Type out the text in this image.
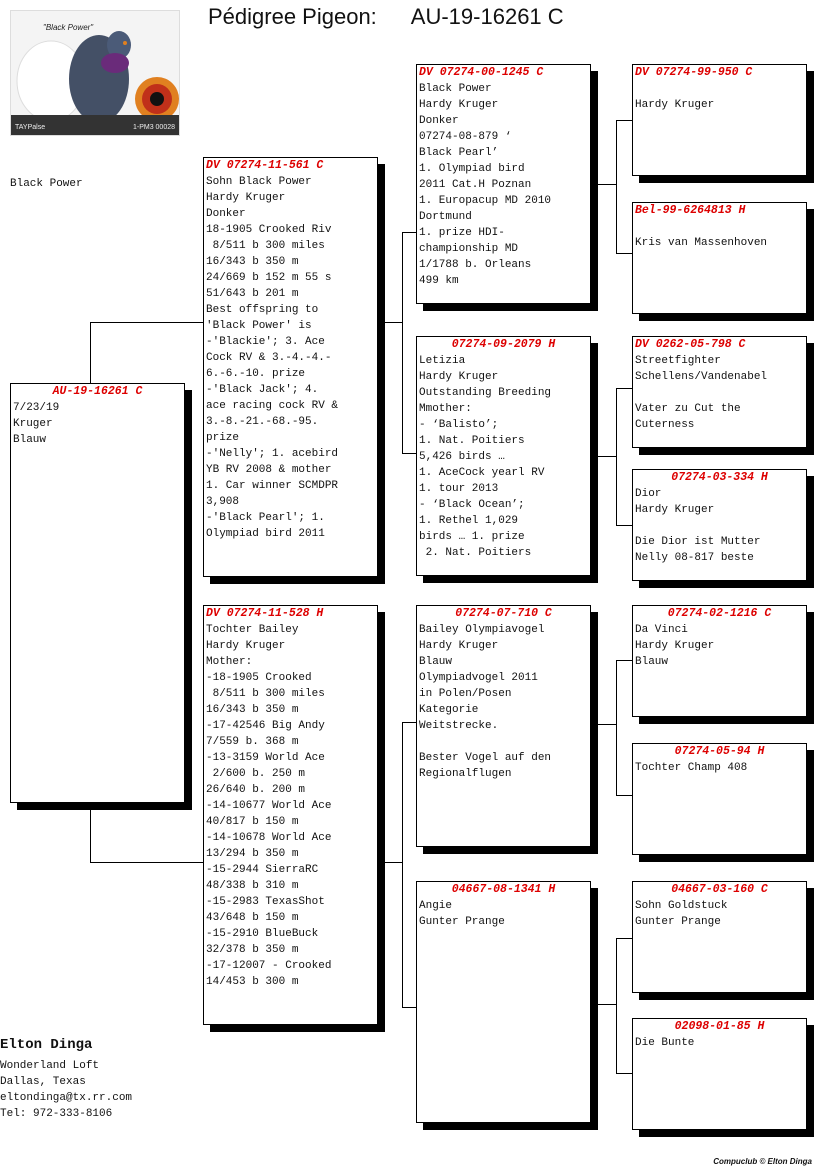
Pédigree Pigeon: AU-19-16261 C
"Black Power"
TAYPalse	1-PM3 00028
Black Power
AU-19-16261 C
7/23/19
Kruger
Blauw
DV 07274-11-561 C
Sohn Black Power
Hardy Kruger
Donker
18-1905 Crooked Riv
8/511 b 300 miles
16/343 b 350 m
24/669 b 152 m 55 s
51/643 b 201 m
Best offspring to
'Black Power' is
-'Blackie'; 3. Ace
Cock RV & 3.-4.-4.-
6.-6.-10. prize
-'Black Jack'; 4.
ace racing cock RV &
3.-8.-21.-68.-95.
prize
-'Nelly'; 1. acebird
YB RV 2008 & mother
1. Car winner SCMDPR
3,908
-'Black Pearl'; 1.
Olympiad bird 2011
DV 07274-11-528 H
Tochter Bailey
Hardy Kruger
Mother:
-18-1905 Crooked
8/511 b 300 miles
16/343 b 350 m
-17-42546 Big Andy
7/559 b. 368 m
-13-3159 World Ace
2/600 b. 250 m
26/640 b. 200 m
-14-10677 World Ace
40/817 b 150 m
-14-10678 World Ace
13/294 b 350 m
-15-2944 SierraRC
48/338 b 310 m
-15-2983 TexasShot
43/648 b 150 m
-15-2910 BlueBuck
32/378 b 350 m
-17-12007 - Crooked
14/453 b 300 m
DV 07274-00-1245 C
Black Power
Hardy Kruger
Donker
07274-08-879 ‘
Black Pearl’
1. Olympiad bird
2011 Cat.H Poznan
1. Europacup MD 2010
Dortmund
1. prize HDI-
championship MD
1/1788 b. Orleans
499 km
07274-09-2079 H
Letizia
Hardy Kruger
Outstanding Breeding
Mmother:
- ‘Balisto’;
1. Nat. Poitiers
5,426 birds …
1. AceCock yearl RV
1. tour 2013
- ‘Black Ocean’;
1. Rethel 1,029
birds … 1. prize
2. Nat. Poitiers
07274-07-710 C
Bailey Olympiavogel
Hardy Kruger
Blauw
Olympiadvogel 2011
in Polen/Posen
Kategorie
Weitstrecke.
Bester Vogel auf den
Regionalflugen
04667-08-1341 H
Angie
Gunter Prange
DV 07274-99-950 C
Hardy Kruger
Bel-99-6264813 H
Kris van Massenhoven
DV 0262-05-798 C
Streetfighter
Schellens/Vandenabel
Vater zu Cut the
Cuterness
07274-03-334 H
Dior
Hardy Kruger
Die Dior ist Mutter
Nelly 08-817 beste
07274-02-1216 C
Da Vinci
Hardy Kruger
Blauw
07274-05-94 H
Tochter Champ 408
04667-03-160 C
Sohn Goldstuck
Gunter Prange
02098-01-85 H
Die Bunte
Elton Dinga
Wonderland Loft
Dallas, Texas
eltondinga@tx.rr.com
Tel: 972-333-8106
Compuclub © Elton Dinga
